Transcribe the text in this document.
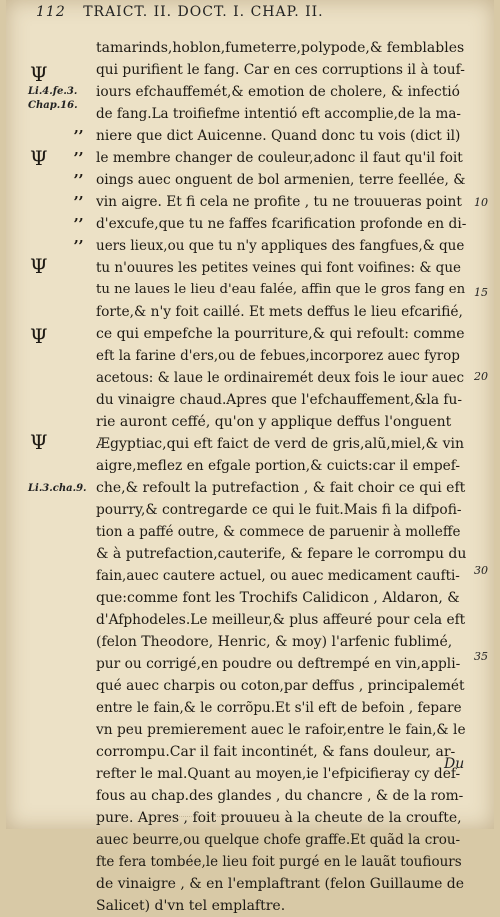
112 TRAICT. II. DOCT. I. CHAP. II.
Ψ
Ψ
Ψ
Ψ
Ψ
,,
,,
,,
,,
,,
,,
Li.4.fe.3.
Chap.16.
Li.3.cha.9.
10
15
20
30
35
tamarinds,hoblon,fumeterre,polypode,& femblables
qui purifient le fang. Car en ces corruptions il à touf-
iours efchauffemét,& emotion de cholere, & infectió
de fang.La troifiefme intentió eft accomplie,de la ma-
niere que dict Auicenne. Quand donc tu vois (dict il)
le membre changer de couleur,adonc il faut qu'il foit
oings auec onguent de bol armenien, terre feellée, &
vin aigre. Et fi cela ne profite , tu ne trouueras point
d'excufe,que tu ne faffes fcarification profonde en di-
uers lieux,ou que tu n'y appliques des fangfues,& que
tu n'ouures les petites veines qui font voifines: & que
tu ne laues le lieu d'eau falée, affin que le gros fang en
forte,& n'y foit caillé. Et mets deffus le lieu efcarifié,
ce qui empefche la pourriture,& qui refoult: comme
eft la farine d'ers,ou de febues,incorporez auec fyrop
acetous: & laue le ordinairemét deux fois le iour auec
du vinaigre chaud.Apres que l'efchauffement,&la fu-
rie auront ceffé, qu'on y applique deffus l'onguent
Ægyptiac,qui eft faict de verd de gris,alũ,miel,& vin
aigre,meflez en efgale portion,& cuicts:car il empef-
che,& refoult la putrefaction , & fait choir ce qui eft
pourry,& contregarde ce qui le fuit.Mais fi la difpofi-
tion a paffé outre, & commece de paruenir à molleffe
& à putrefaction,cauterife, & fepare le corrompu du
fain,auec cautere actuel, ou auec medicament caufti-
que:comme font les Trochifs Calidicon , Aldaron, &
d'Afphodeles.Le meilleur,& plus affeuré pour cela eft
(felon Theodore, Henric, & moy) l'arfenic fublimé,
pur ou corrigé,en poudre ou deftrempé en vin,appli-
qué auec charpis ou coton,par deffus , principalemét
entre le fain,& le corrõpu.Et s'il eft de befoin , fepare
vn peu premierement auec le rafoir,entre le fain,& le
corrompu.Car il fait incontinét, & fans douleur, ar-
refter le mal.Quant au moyen,ie l'efpicifieray cy def-
fous au chap.des glandes , du chancre , & de la rom-
pure. Apres , foit prouueu à la cheute de la croufte,
auec beurre,ou quelque chofe graffe.Et quãd la crou-
fte fera tombée,le lieu foit purgé en le lauãt toufiours
de vinaigre , & en l'emplaftrant (felon Guillaume de
Salicet) d'vn tel emplaftre.
Du
